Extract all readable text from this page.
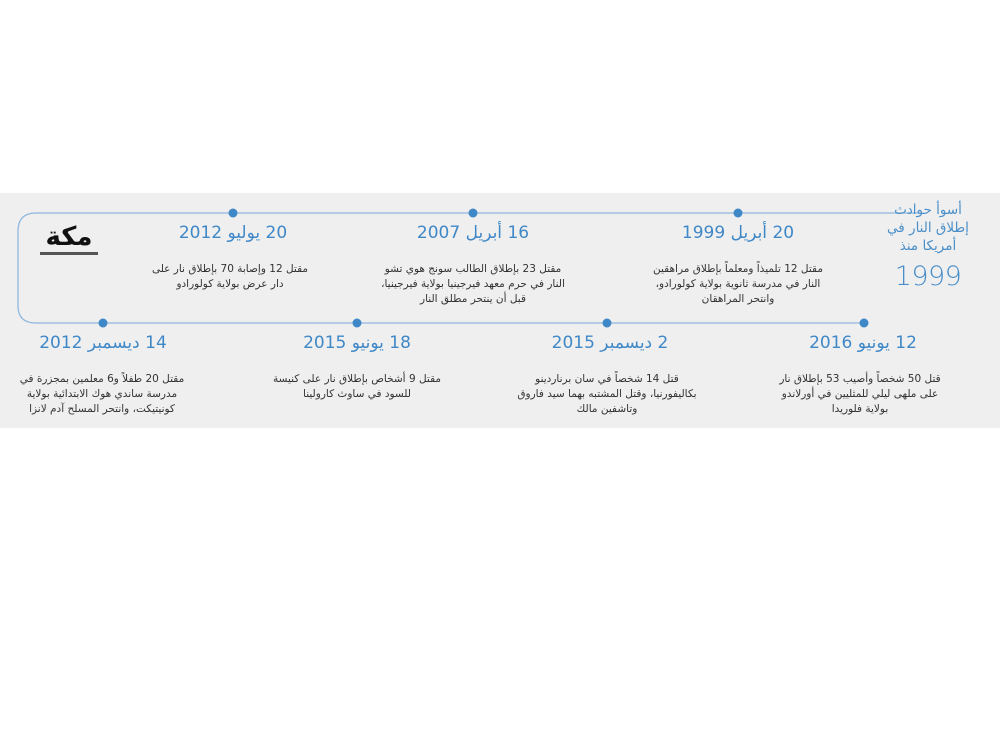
أسوأ حوادث إطلاق النار في أمريكا منذ
1999
مكة	20 أبريل 1999
مقتل 12 تلميذاً ومعلماً بإطلاق مراهقين النار في مدرسة ثانوية بولاية كولورادو، وانتحر المراهقان
16 أبريل 2007
مقتل 23 بإطلاق الطالب سونج هوي تشو النار في حرم معهد فيرجينيا بولاية فيرجينيا، قبل أن ينتحر مطلق النار
20 يوليو 2012
مقتل 12 وإصابة 70 بإطلاق نار على دار عرض بولاية كولورادو
12 يونيو 2016
قتل 50 شخصاً وأصيب 53 بإطلاق نار على ملهى ليلي للمثليين في أورلاندو بولاية فلوريدا
2 ديسمبر 2015
قتل 14 شخصاً في سان برناردينو بكاليفورنيا، وقتل المشتبه بهما سيد فاروق وتاشفين مالك
18 يونيو 2015
مقتل 9 أشخاص بإطلاق نار على كنيسة للسود في ساوث كارولينا
14 ديسمبر 2012
مقتل 20 طفلاً و6 معلمين بمجزرة في مدرسة ساندي هوك الابتدائية بولاية كونيتيكت، وانتحر المسلح آدم لانزا
